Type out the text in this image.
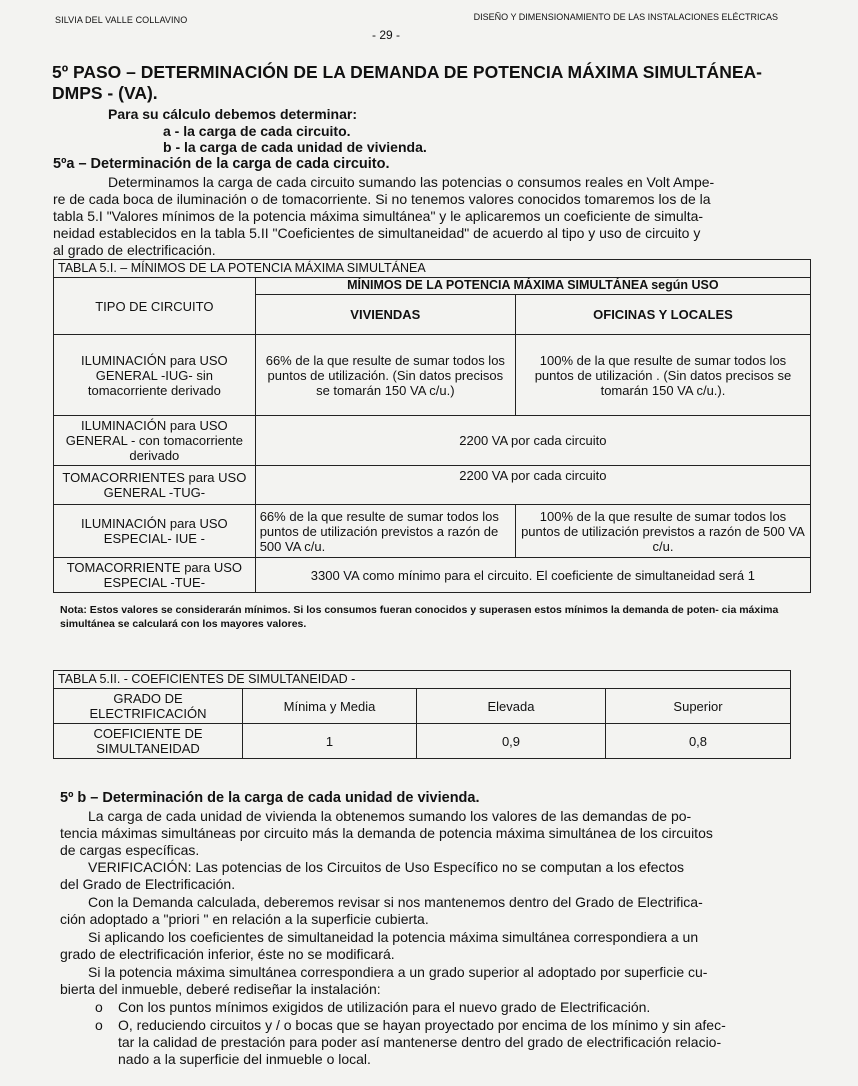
SILVIA DEL VALLE COLLAVINO	DISEÑO Y DIMENSIONAMIENTO DE LAS INSTALACIONES ELÉCTRICAS
- 29 -
5º PASO – DETERMINACIÓN DE LA DEMANDA DE POTENCIA MÁXIMA SIMULTÁNEA-
DMPS - (VA).
Para su cálculo debemos determinar:
a - la carga de cada circuito.
b - la carga de cada unidad de vivienda.
5ºa – Determinación de la carga de cada circuito.
Determinamos la carga de cada circuito sumando las potencias o consumos reales en Volt Ampe-
re de cada boca de iluminación o de tomacorriente. Si no tenemos valores conocidos tomaremos los de la
tabla 5.I "Valores mínimos de la potencia máxima simultánea" y le aplicaremos un coeficiente de simulta-
neidad establecidos en la tabla 5.II "Coeficientes de simultaneidad" de acuerdo al tipo y uso de circuito y
al grado de electrificación.
TABLA 5.I. – MÍNIMOS DE LA POTENCIA MÁXIMA SIMULTÁNEA		
TIPO DE CIRCUITO	MÍNIMOS DE LA POTENCIA MÁXIMA SIMULTÁNEA según USO	
	VIVIENDAS	OFICINAS Y LOCALES
ILUMINACIÓN para USO GENERAL -IUG- sin tomacorriente derivado	66% de la que resulte de sumar todos los puntos de utilización. (Sin datos precisos se tomarán 150 VA c/u.)	100% de la que resulte de sumar todos los puntos de utilización . (Sin datos precisos se tomarán 150 VA c/u.).
ILUMINACIÓN para USO GENERAL - con tomacorriente derivado	2200 VA por cada circuito	
TOMACORRIENTES para USO GENERAL -TUG-	2200 VA por cada circuito	
ILUMINACIÓN para USO ESPECIAL- IUE -	66% de la que resulte de sumar todos los puntos de utilización previstos a razón de 500 VA c/u.	100% de la que resulte de sumar todos los puntos de utilización previstos a razón de 500 VA c/u.
TOMACORRIENTE para USO ESPECIAL -TUE-	3300 VA como mínimo para el circuito. El coeficiente de simultaneidad será 1	
Nota: Estos valores se considerarán mínimos. Si los consumos fueran conocidos y superasen estos mínimos la demanda de poten- cia máxima simultánea se calculará con los mayores valores.
TABLA 5.II. - COEFICIENTES DE SIMULTANEIDAD -			
GRADO DE ELECTRIFICACIÓN	Mínima y Media	Elevada	Superior
COEFICIENTE DE SIMULTANEIDAD	1	0,9	0,8
5º b – Determinación de la carga de cada unidad de vivienda.
La carga de cada unidad de vivienda la obtenemos sumando los valores de las demandas de po-
tencia máximas simultáneas por circuito más la demanda de potencia máxima simultánea de los circuitos
de cargas específicas.
VERIFICACIÓN: Las potencias de los Circuitos de Uso Específico no se computan a los efectos
del Grado de Electrificación.
Con la Demanda calculada, deberemos revisar si nos mantenemos dentro del Grado de Electrifica-
ción adoptado a "priori " en relación a la superficie cubierta.
Si aplicando los coeficientes de simultaneidad la potencia máxima simultánea correspondiera a un
grado de electrificación inferior, éste no se modificará.
Si la potencia máxima simultánea correspondiera a un grado superior al adoptado por superficie cu-
bierta del inmueble, deberé rediseñar la instalación:
o Con los puntos mínimos exigidos de utilización para el nuevo grado de Electrificación.
o O, reduciendo circuitos y / o bocas que se hayan proyectado por encima de los mínimo y sin afec-
tar la calidad de prestación para poder así mantenerse dentro del grado de electrificación relacio-
nado a la superficie del inmueble o local.
